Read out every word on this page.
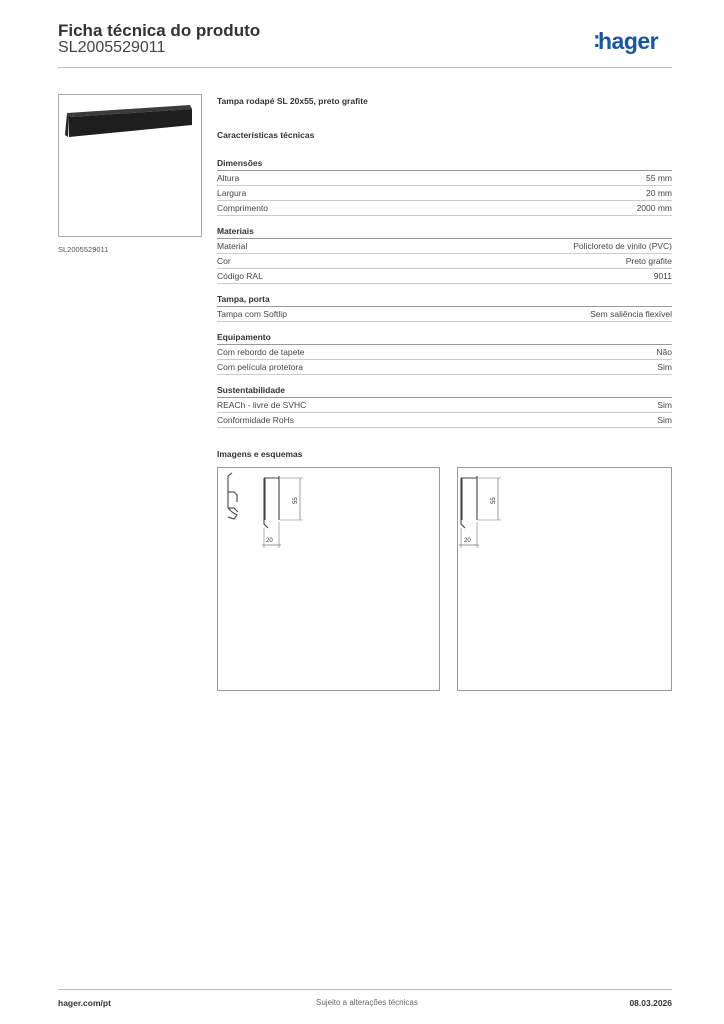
Ficha técnica do produto
SL2005529011	:hager
SL2005529011
Tampa rodapé SL 20x55, preto grafite
Características técnicas
Dimensões
Altura	55 mm
Largura	20 mm
Comprimento	2000 mm
Materiais
Material	Policloreto de vinilo (PVC)
Cor	Preto grafite
Código RAL	9011
Tampa, porta
Tampa com Softlip	Sem saliência flexível
Equipamento
Com rebordo de tapete	Não
Com película protetora	Sim
Sustentabilidade
REACh - livre de SVHC	Sim
Conformidade RoHs	Sim
Imagens e esquemas
55
20
55
20
hager.com/pt	Sujeito a alterações técnicas	08.03.2026
